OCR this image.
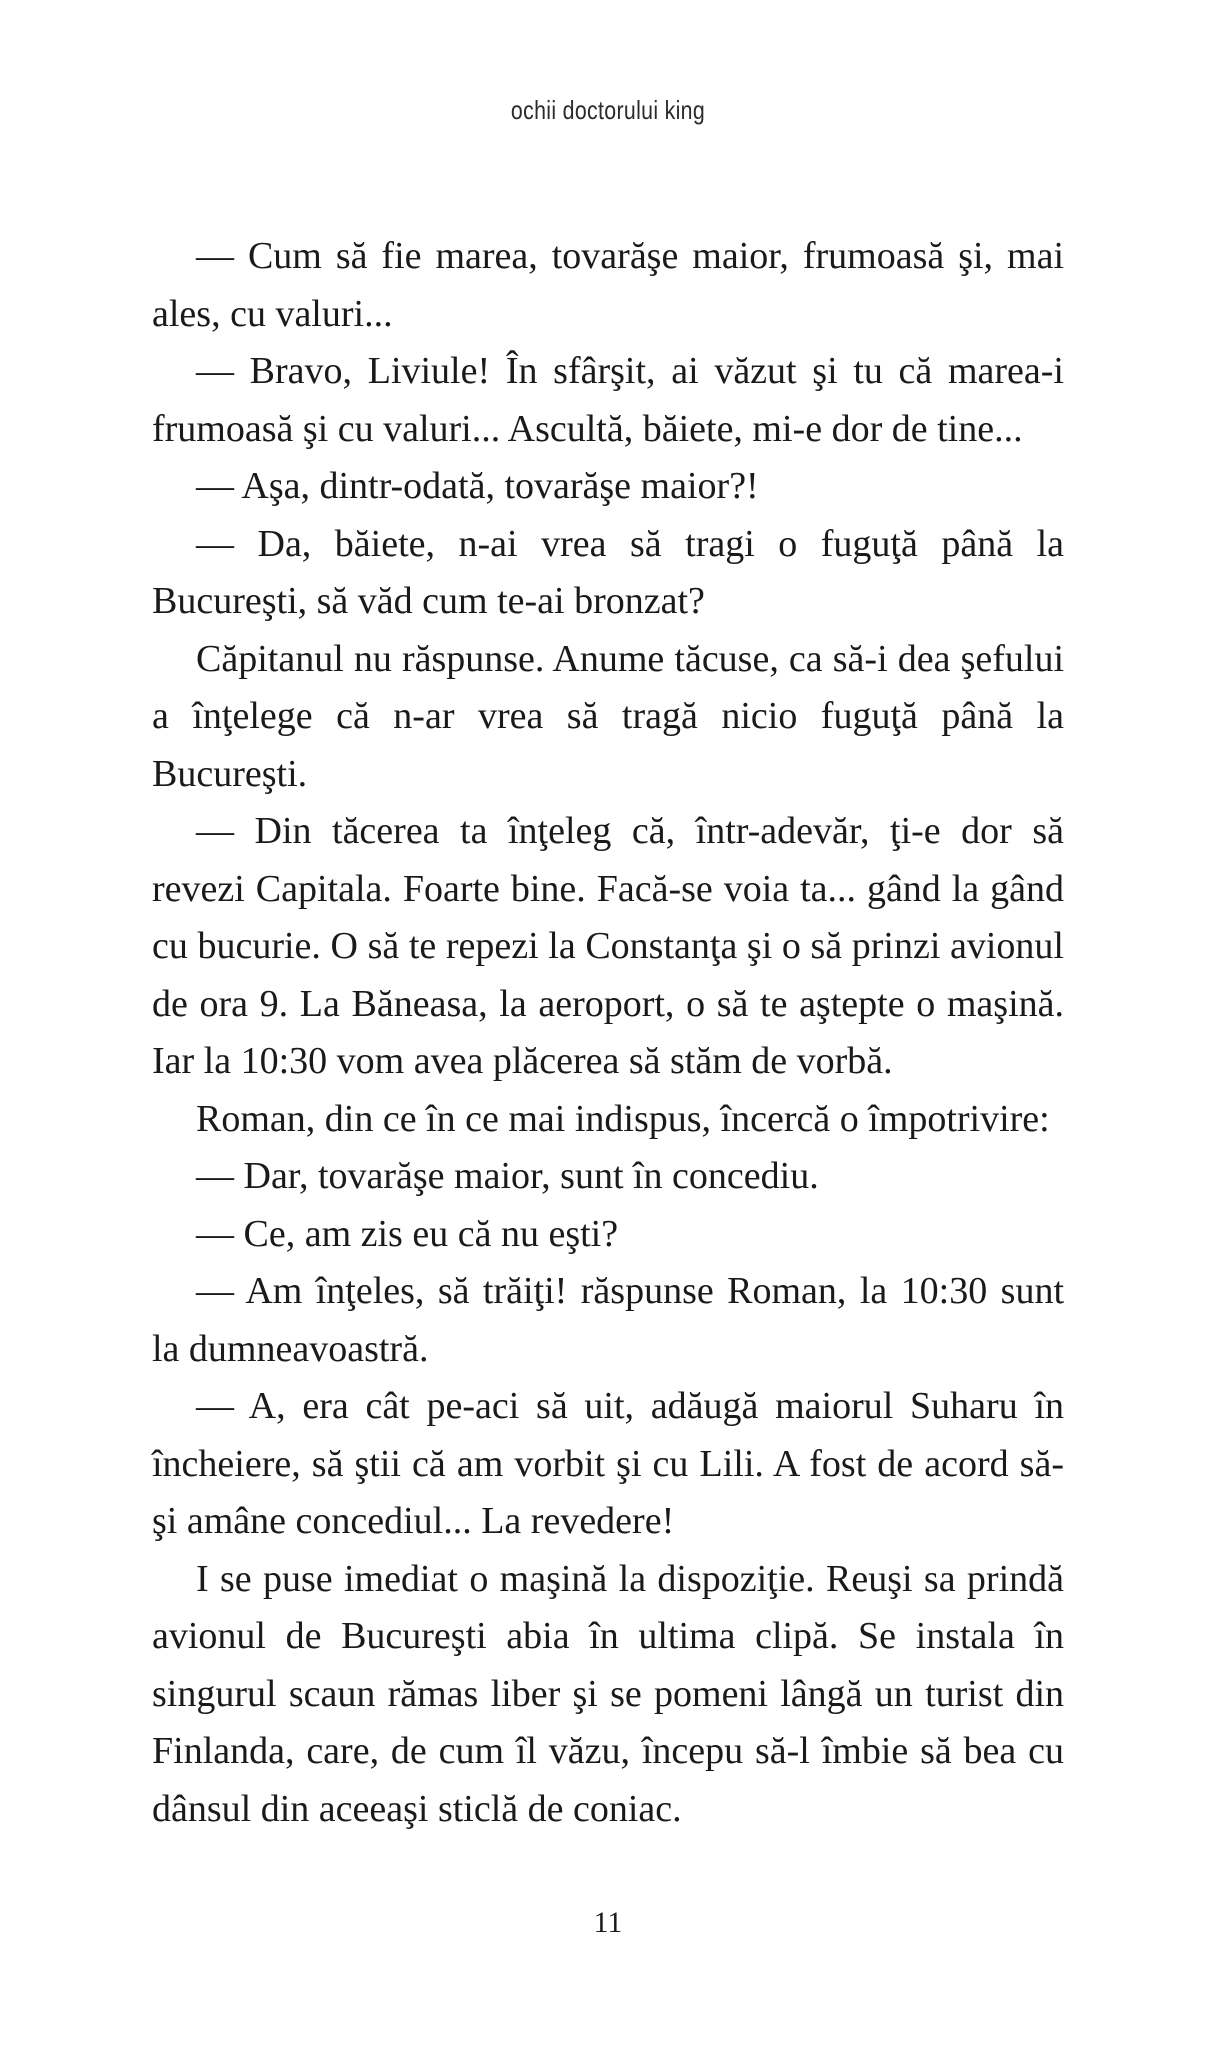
ochii doctorului king

— Cum să fie marea, tovarăşe maior, frumoasă şi, mai ales, cu valuri...

— Bravo, Liviule! În sfârşit, ai văzut şi tu că marea-i frumoasă şi cu valuri... Ascultă, băiete, mi-e dor de tine...

— Aşa, dintr-odată, tovarăşe maior?!

— Da, băiete, n-ai vrea să tragi o fuguţă până la Bucureşti, să văd cum te-ai bronzat?

Căpitanul nu răspunse. Anume tăcuse, ca să-i dea şefului a înţelege că n-ar vrea să tragă nicio fuguţă până la Bucureşti.

— Din tăcerea ta înţeleg că, într-adevăr, ţi-e dor să revezi Capitala. Foarte bine. Facă-se voia ta... gând la gând cu bucurie. O să te repezi la Constanţa şi o să prinzi avionul de ora 9. La Băneasa, la aeroport, o să te aştepte o maşină. Iar la 10:30 vom avea plăcerea să stăm de vorbă.

Roman, din ce în ce mai indispus, încercă o împotrivire:

— Dar, tovarăşe maior, sunt în concediu.

— Ce, am zis eu că nu eşti?

— Am înţeles, să trăiţi! răspunse Roman, la 10:30 sunt la dumneavoastră.

— A, era cât pe-aci să uit, adăugă maiorul Suharu în încheiere, să ştii că am vorbit şi cu Lili. A fost de acord să-şi amâne concediul... La revedere!

I se puse imediat o maşină la dispoziţie. Reuşi sa prindă avionul de Bucureşti abia în ultima clipă. Se instala în singurul scaun rămas liber şi se pomeni lângă un turist din Finlanda, care, de cum îl văzu, începu să-l îmbie să bea cu dânsul din aceeaşi sticlă de coniac.

11
